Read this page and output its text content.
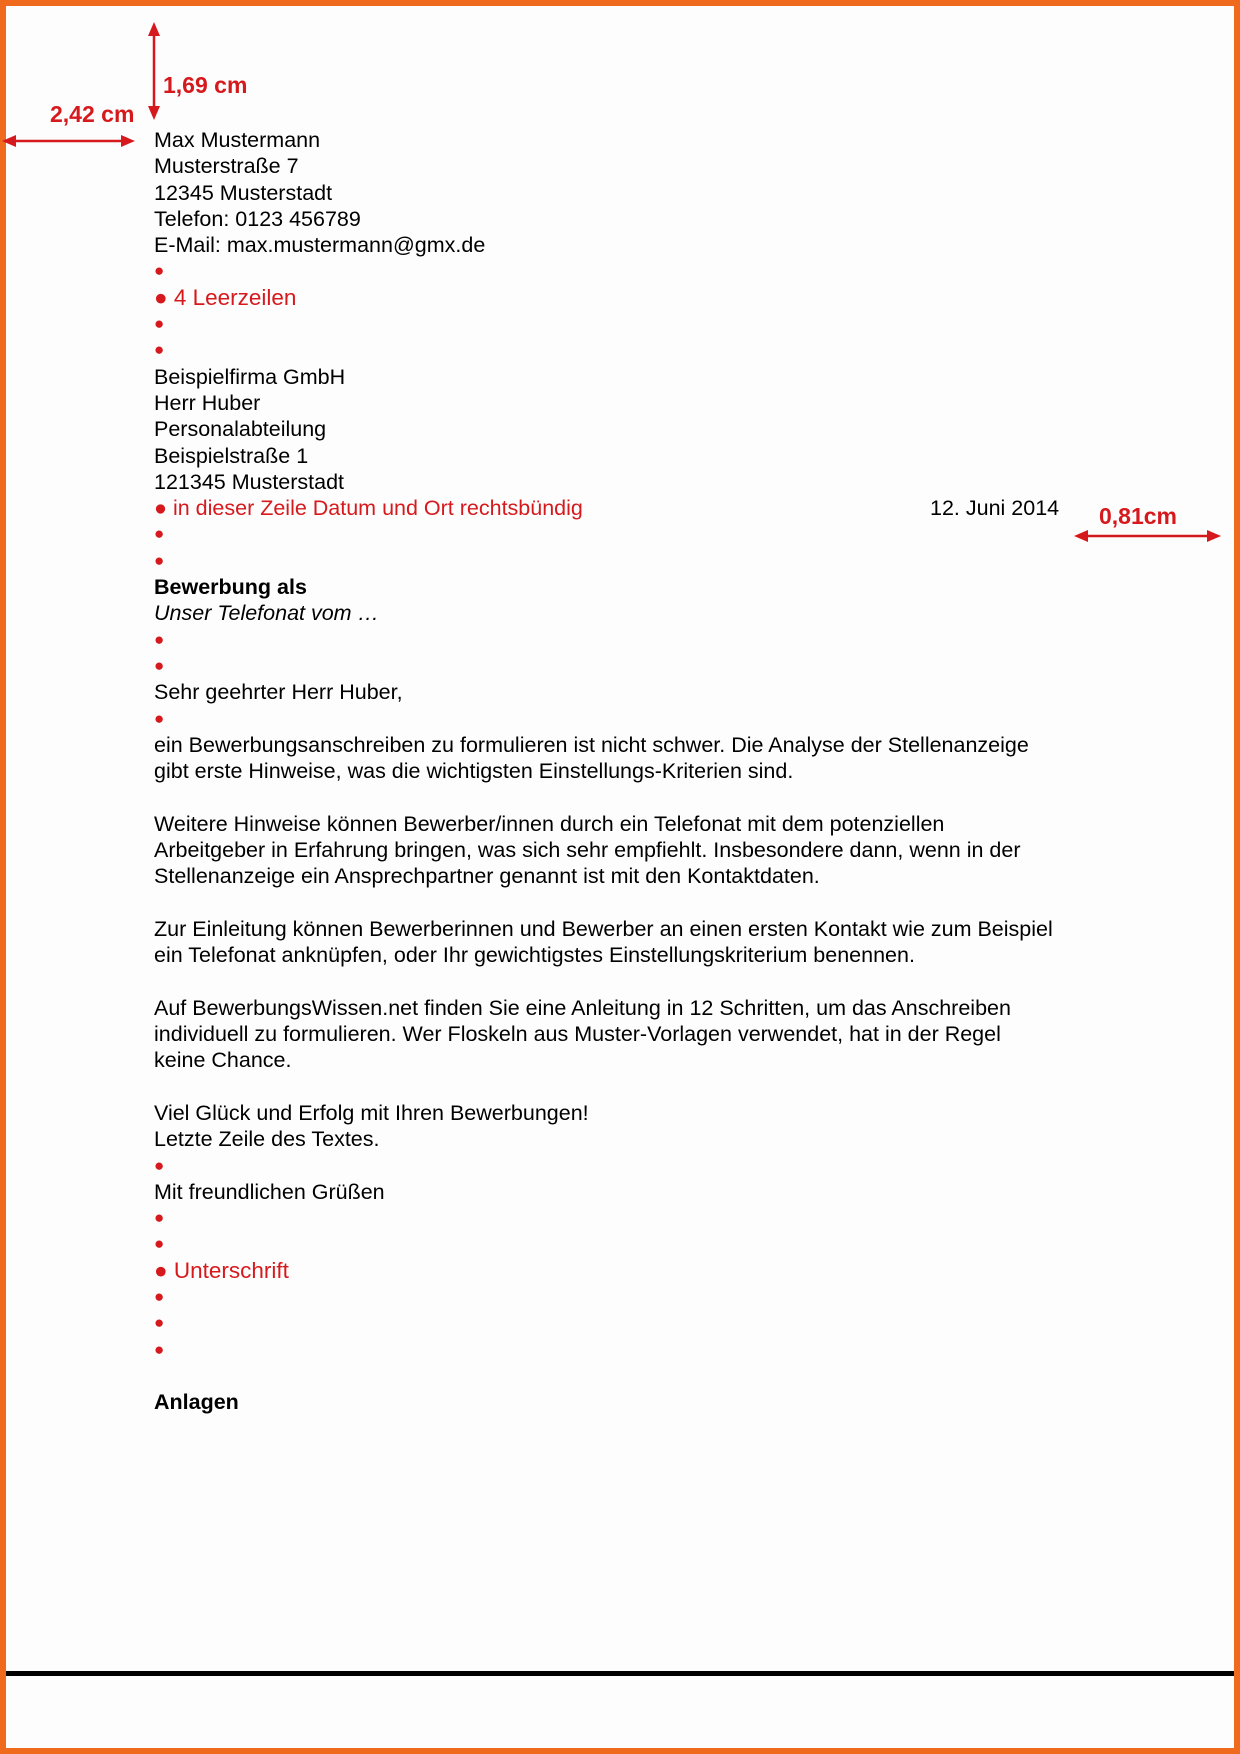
1,69 cm
2,42 cm
0,81cm
Max Mustermann
Musterstraße 7
12345 Musterstadt
Telefon: 0123 456789
E-Mail: max.mustermann@gmx.de
●
● 4 Leerzeilen
●
●
Beispielfirma GmbH
Herr Huber
Personalabteilung
Beispielstraße 1
121345 Musterstadt
● in dieser Zeile Datum und Ort rechtsbündig	12. Juni 2014
●
●
Bewerbung als
Unser Telefonat vom …
●
●
Sehr geehrter Herr Huber,
●
ein Bewerbungsanschreiben zu formulieren ist nicht schwer. Die Analyse der Stellenanzeige
gibt erste Hinweise, was die wichtigsten Einstellungs-Kriterien sind.
Weitere Hinweise können Bewerber/innen durch ein Telefonat mit dem potenziellen
Arbeitgeber in Erfahrung bringen, was sich sehr empfiehlt. Insbesondere dann, wenn in der
Stellenanzeige ein Ansprechpartner genannt ist mit den Kontaktdaten.
Zur Einleitung können Bewerberinnen und Bewerber an einen ersten Kontakt wie zum Beispiel
ein Telefonat anknüpfen, oder Ihr gewichtigstes Einstellungskriterium benennen.
Auf BewerbungsWissen.net finden Sie eine Anleitung in 12 Schritten, um das Anschreiben
individuell zu formulieren. Wer Floskeln aus Muster-Vorlagen verwendet, hat in der Regel
keine Chance.
Viel Glück und Erfolg mit Ihren Bewerbungen!
Letzte Zeile des Textes.
●
Mit freundlichen Grüßen
●
●
● Unterschrift
●
●
●
Anlagen
